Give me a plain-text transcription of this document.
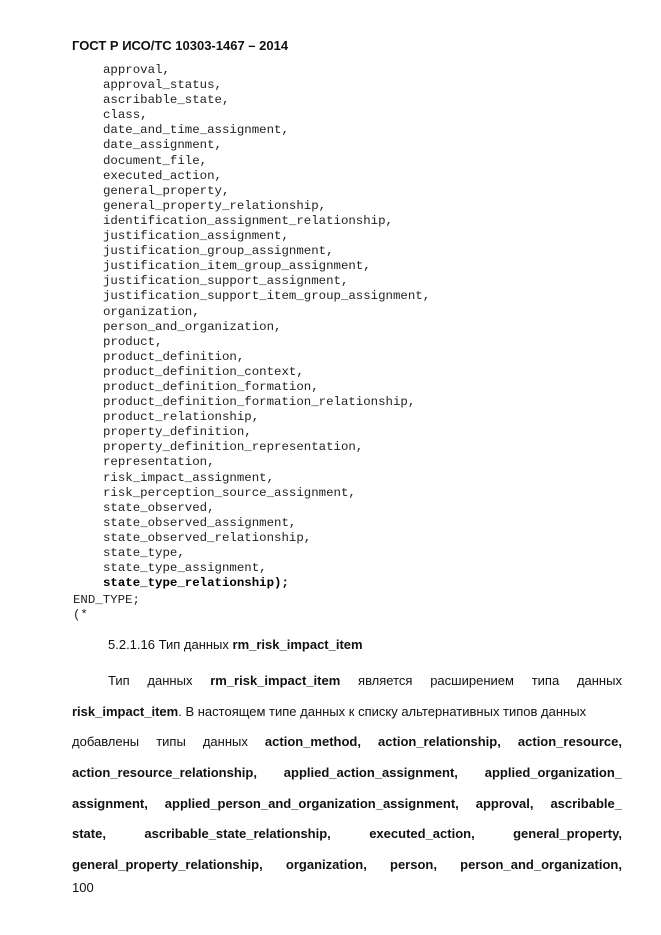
ГОСТ Р ИСО/ТС 10303-1467 – 2014
approval,
approval_status,
ascribable_state,
class,
date_and_time_assignment,
date_assignment,
document_file,
executed_action,
general_property,
general_property_relationship,
identification_assignment_relationship,
justification_assignment,
justification_group_assignment,
justification_item_group_assignment,
justification_support_assignment,
justification_support_item_group_assignment,
organization,
person_and_organization,
product,
product_definition,
product_definition_context,
product_definition_formation,
product_definition_formation_relationship,
product_relationship,
property_definition,
property_definition_representation,
representation,
risk_impact_assignment,
risk_perception_source_assignment,
state_observed,
state_observed_assignment,
state_observed_relationship,
state_type,
state_type_assignment,
state_type_relationship);
END_TYPE;
(*
5.2.1.16 Тип данных rm_risk_impact_item
Тип данных rm_risk_impact_item является расширением типа данных
risk_impact_item . В настоящем типе данных к списку альтернативных типов данных
добавлены типы данных action_method, action_relationship, action_resource,
action_resource_relationship, applied_action_assignment, applied_organization_
assignment, applied_person_and_organization_assignment, approval, ascribable_
state,	ascribable_state_relationship,	executed_action,	general_property,
general_property_relationship, organization, person, person_and_organization,
100
